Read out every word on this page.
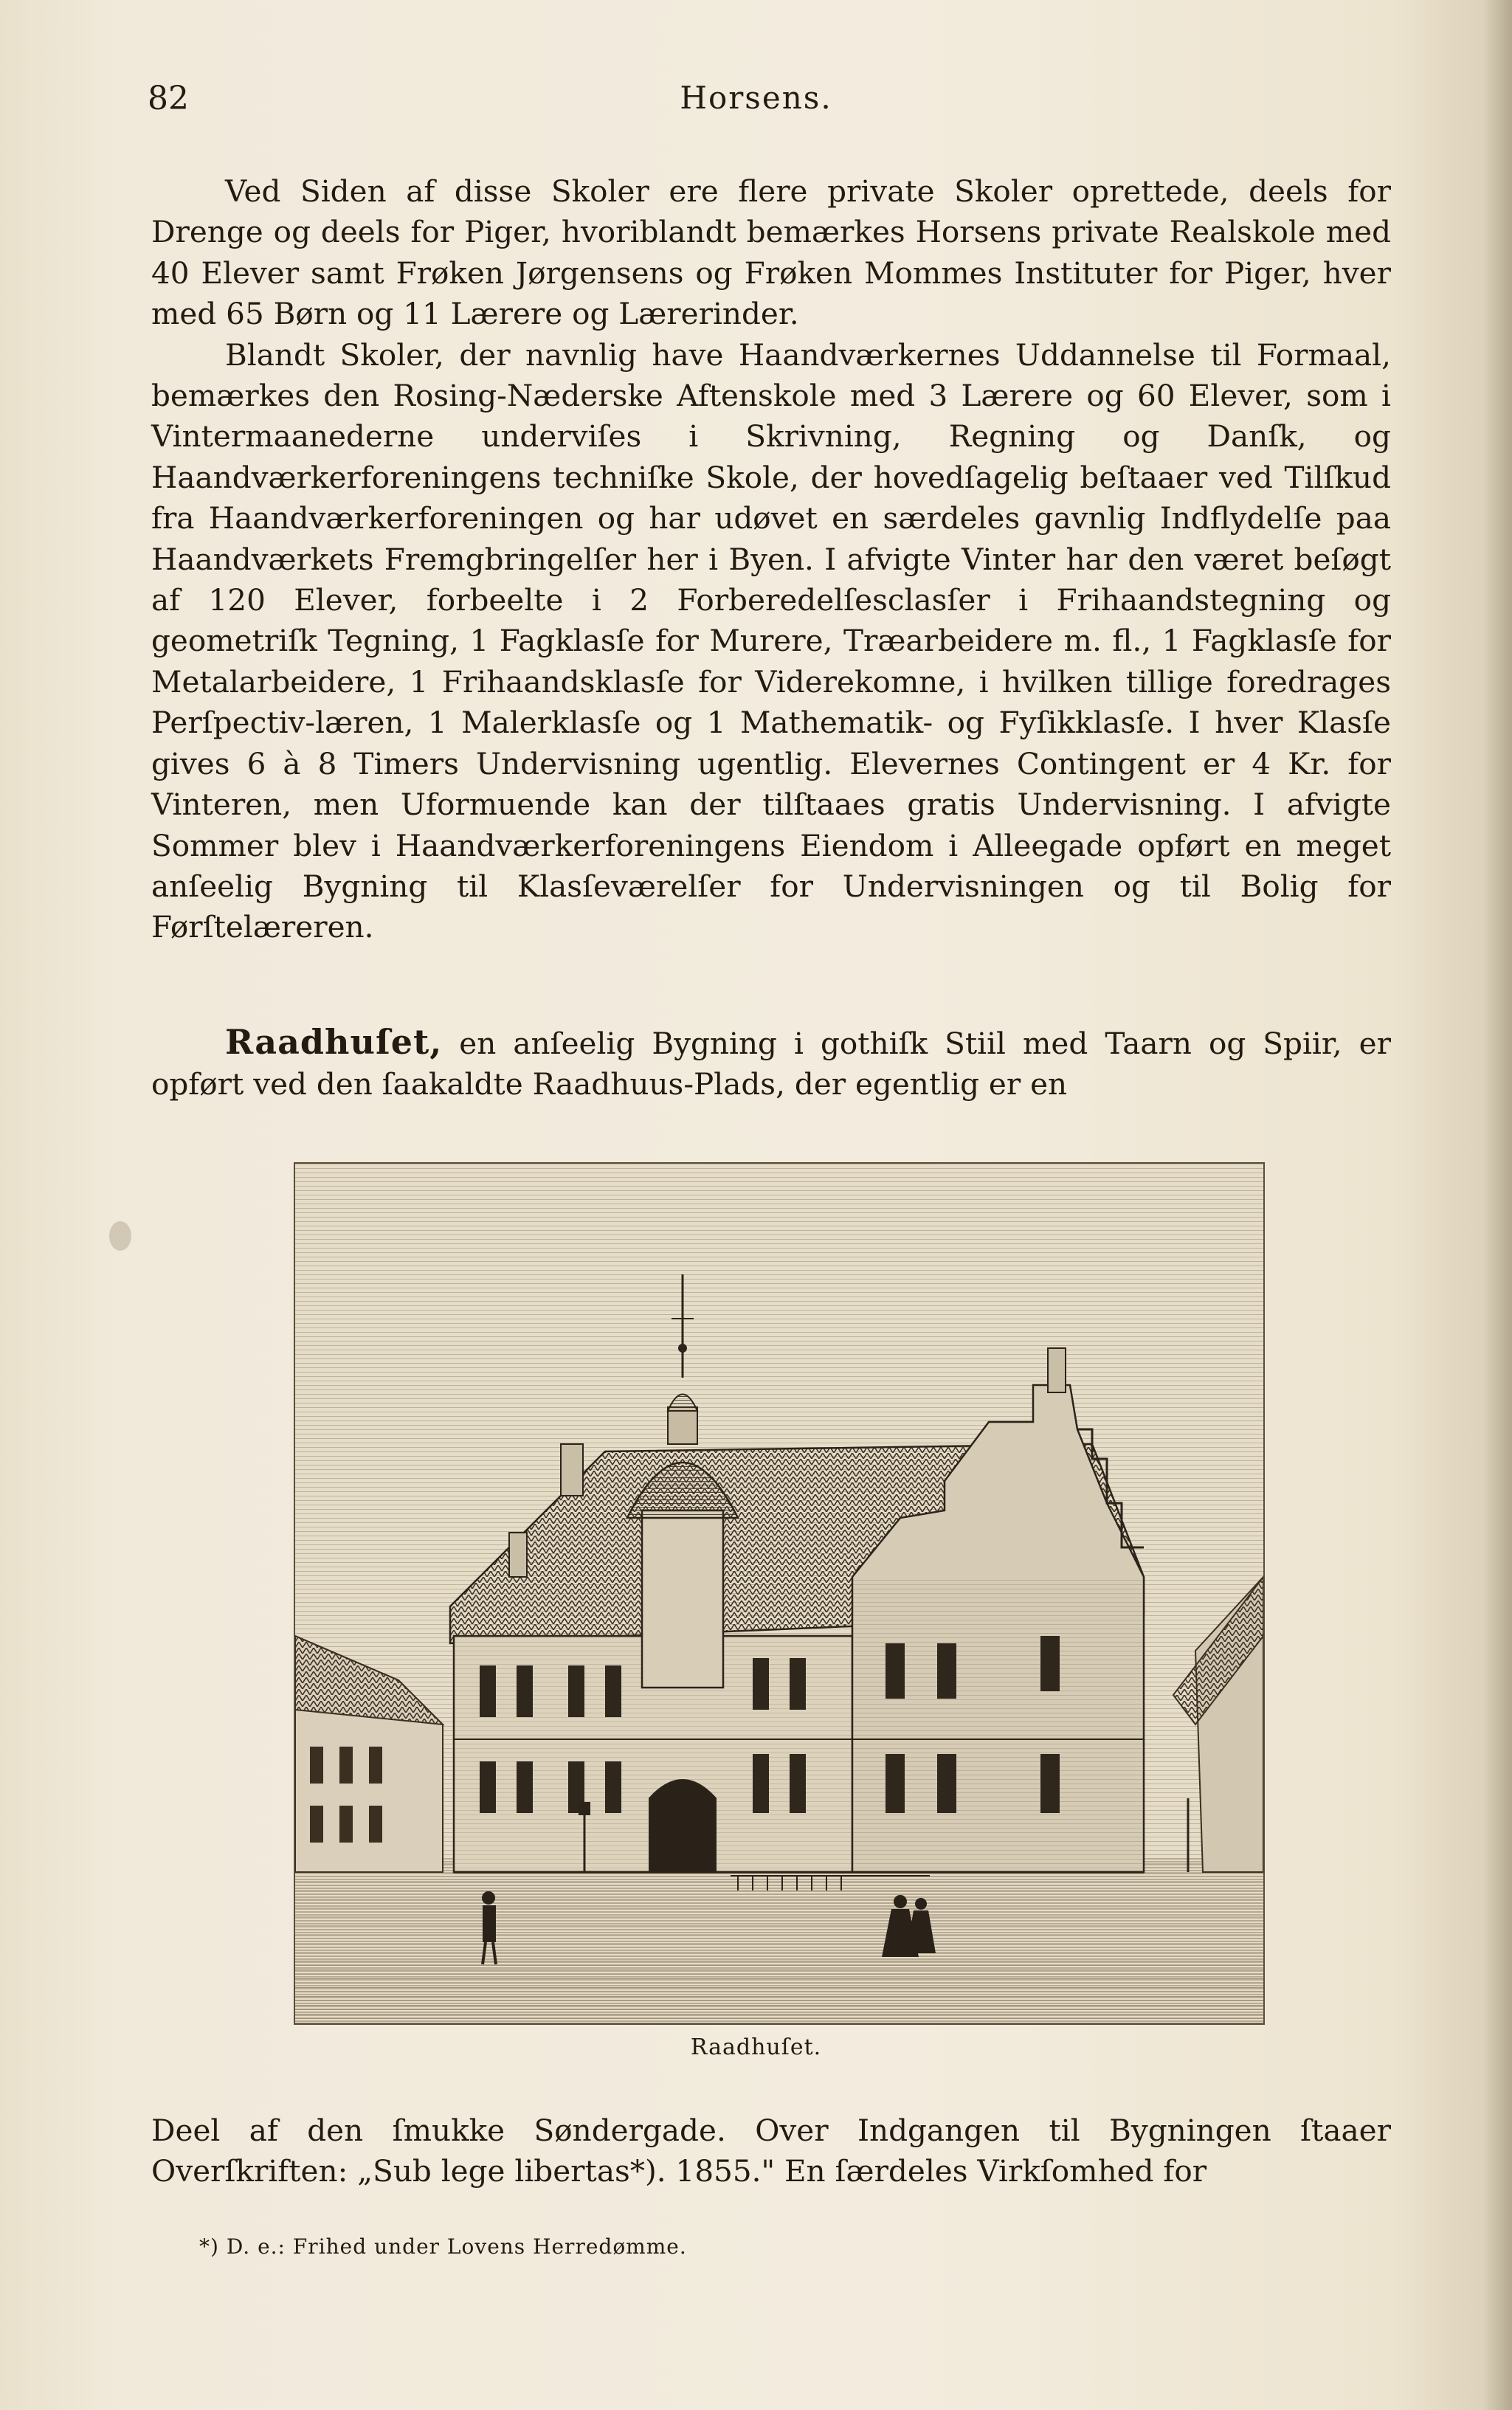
82	Horsens.

Ved Siden af disse Skoler ere flere private Skoler oprettede, deels for Drenge og deels for Piger, hvoriblandt bemærkes Horsens private Realskole med 40 Elever samt Frøken Jørgensens og Frøken Mommes Instituter for Piger, hver med 65 Børn og 11 Lærere og Lærerinder.

Blandt Skoler, der navnlig have Haandværkernes Uddannelse til Formaal, bemærkes den Rosing-Næderske Aftenskole med 3 Lærere og 60 Elever, som i Vintermaanederne underviſes i Skrivning, Regning og Danſk, og Haandværkerforeningens techniſke Skole, der hovedſagelig beſtaaer ved Tilſkud fra Haandværkerforeningen og har udøvet en særdeles gavnlig Indflydelſe paa Haandværkets Fremgbringelſer her i Byen. I afvigte Vinter har den været beſøgt af 120 Elever, forbeelte i 2 Forberedelſesclasſer i Frihaandstegning og geometriſk Tegning, 1 Fagklasſe for Murere, Træarbeidere m. fl., 1 Fagklasſe for Metalarbeidere, 1 Frihaandsklasſe for Viderekomne, i hvilken tillige foredrages Perſpectiv-læren, 1 Malerklasſe og 1 Mathematik- og Fyſikklasſe. I hver Klasſe gives 6 à 8 Timers Undervisning ugentlig. Elevernes Contingent er 4 Kr. for Vinteren, men Uformuende kan der tilſtaaes gratis Undervisning. I afvigte Sommer blev i Haandværkerforeningens Eiendom i Alleegade opført en meget anſeelig Bygning til Klasſeværelſer for Undervisningen og til Bolig for Førſtelæreren.

Raadhuſet, en anſeelig Bygning i gothiſk Stiil med Taarn og Spiir, er opført ved den ſaakaldte Raadhuus-Plads, der egentlig er en

Raadhuſet.

Deel af den ſmukke Søndergade. Over Indgangen til Bygningen ſtaaer Overſkriften: „Sub lege libertas*). 1855." En ſærdeles Virkſomhed for

*) D. e.: Frihed under Lovens Herredømme.
